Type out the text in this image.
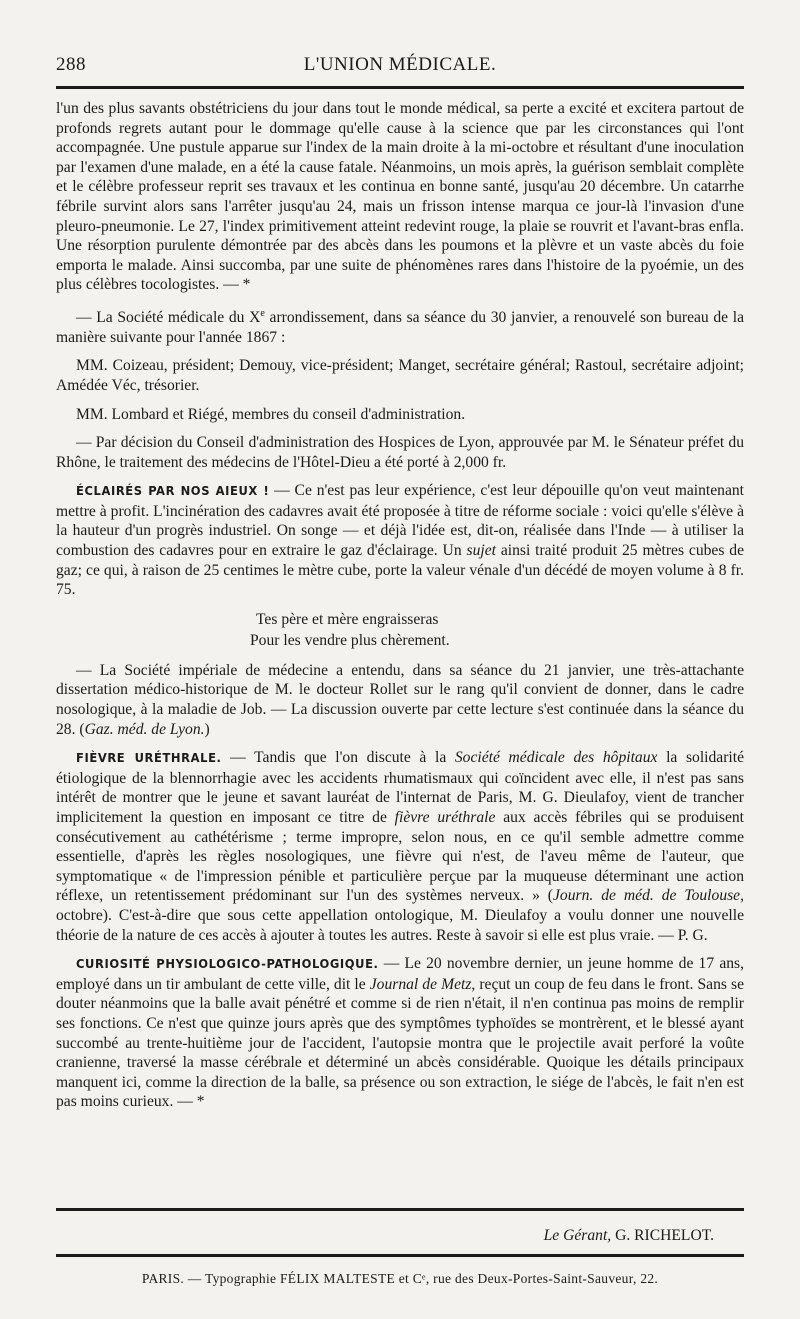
288	L'UNION MÉDICALE.

l'un des plus savants obstétriciens du jour dans tout le monde médical, sa perte a excité et excitera partout de profonds regrets autant pour le dommage qu'elle cause à la science que par les circonstances qui l'ont accompagnée. Une pustule apparue sur l'index de la main droite à la mi-octobre et résultant d'une inoculation par l'examen d'une malade, en a été la cause fatale. Néanmoins, un mois après, la guérison semblait complète et le célèbre professeur reprit ses travaux et les continua en bonne santé, jusqu'au 20 décembre. Un catarrhe fébrile survint alors sans l'arrêter jusqu'au 24, mais un frisson intense marqua ce jour-là l'invasion d'une pleuro-pneumonie. Le 27, l'index primitivement atteint redevint rouge, la plaie se rouvrit et l'avant-bras enfla. Une résorption purulente démontrée par des abcès dans les poumons et la plèvre et un vaste abcès du foie emporta le malade. Ainsi succomba, par une suite de phénomènes rares dans l'histoire de la pyoémie, un des plus célèbres tocologistes. — *

— La Société médicale du Xe arrondissement, dans sa séance du 30 janvier, a renouvelé son bureau de la manière suivante pour l'année 1867 :

MM. Coizeau, président; Demouy, vice-président; Manget, secrétaire général; Rastoul, secrétaire adjoint; Amédée Véc, trésorier.

MM. Lombard et Riégé, membres du conseil d'administration.

— Par décision du Conseil d'administration des Hospices de Lyon, approuvée par M. le Sénateur préfet du Rhône, le traitement des médecins de l'Hôtel-Dieu a été porté à 2,000 fr.

ÉCLAIRÉS PAR NOS AIEUX ! — Ce n'est pas leur expérience, c'est leur dépouille qu'on veut maintenant mettre à profit. L'incinération des cadavres avait été proposée à titre de réforme sociale : voici qu'elle s'élève à la hauteur d'un progrès industriel. On songe — et déjà l'idée est, dit-on, réalisée dans l'Inde — à utiliser la combustion des cadavres pour en extraire le gaz d'éclairage. Un sujet ainsi traité produit 25 mètres cubes de gaz; ce qui, à raison de 25 centimes le mètre cube, porte la valeur vénale d'un décédé de moyen volume à 8 fr. 75.

Tes père et mère engraisseras
Pour les vendre plus chèrement.

— La Société impériale de médecine a entendu, dans sa séance du 21 janvier, une très-attachante dissertation médico-historique de M. le docteur Rollet sur le rang qu'il convient de donner, dans le cadre nosologique, à la maladie de Job. — La discussion ouverte par cette lecture s'est continuée dans la séance du 28. (Gaz. méd. de Lyon.)

FIÈVRE URÉTHRALE. — Tandis que l'on discute à la Société médicale des hôpitaux la solidarité étiologique de la blennorrhagie avec les accidents rhumatismaux qui coïncident avec elle, il n'est pas sans intérêt de montrer que le jeune et savant lauréat de l'internat de Paris, M. G. Dieulafoy, vient de trancher implicitement la question en imposant ce titre de fièvre uréthrale aux accès fébriles qui se produisent consécutivement au cathétérisme ; terme impropre, selon nous, en ce qu'il semble admettre comme essentielle, d'après les règles nosologiques, une fièvre qui n'est, de l'aveu même de l'auteur, que symptomatique « de l'impression pénible et particulière perçue par la muqueuse déterminant une action réflexe, un retentissement prédominant sur l'un des systèmes nerveux. » (Journ. de méd. de Toulouse, octobre). C'est-à-dire que sous cette appellation ontologique, M. Dieulafoy a voulu donner une nouvelle théorie de la nature de ces accès à ajouter à toutes les autres. Reste à savoir si elle est plus vraie. — P. G.

CURIOSITÉ PHYSIOLOGICO-PATHOLOGIQUE. — Le 20 novembre dernier, un jeune homme de 17 ans, employé dans un tir ambulant de cette ville, dit le Journal de Metz, reçut un coup de feu dans le front. Sans se douter néanmoins que la balle avait pénétré et comme si de rien n'était, il n'en continua pas moins de remplir ses fonctions. Ce n'est que quinze jours après que des symptômes typhoïdes se montrèrent, et le blessé ayant succombé au trente-huitième jour de l'accident, l'autopsie montra que le projectile avait perforé la voûte cranienne, traversé la masse cérébrale et déterminé un abcès considérable. Quoique les détails principaux manquent ici, comme la direction de la balle, sa présence ou son extraction, le siége de l'abcès, le fait n'en est pas moins curieux. — *

Le Gérant, G. RICHELOT.
PARIS. — Typographie FÉLIX MALTESTE et Cᵉ, rue des Deux-Portes-Saint-Sauveur, 22.
